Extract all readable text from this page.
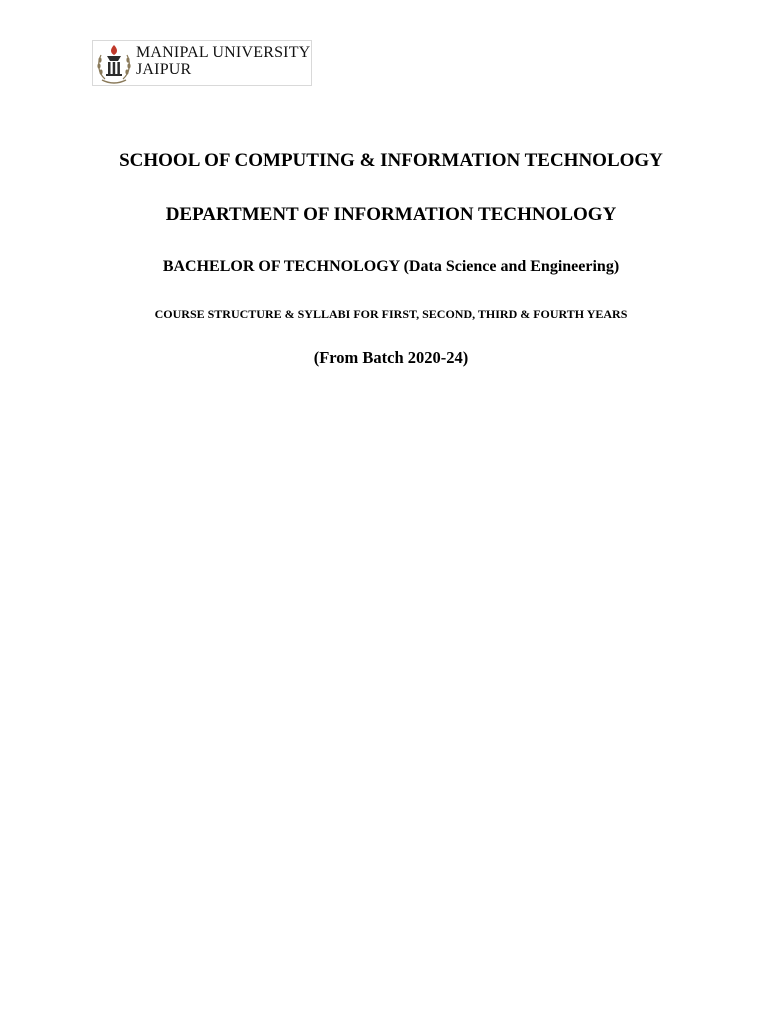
MANIPAL UNIVERSITY
JAIPUR
SCHOOL OF COMPUTING & INFORMATION TECHNOLOGY
DEPARTMENT OF INFORMATION TECHNOLOGY
BACHELOR OF TECHNOLOGY (Data Science and Engineering)
COURSE STRUCTURE & SYLLABI FOR FIRST, SECOND, THIRD & FOURTH YEARS
(From Batch 2020-24)
